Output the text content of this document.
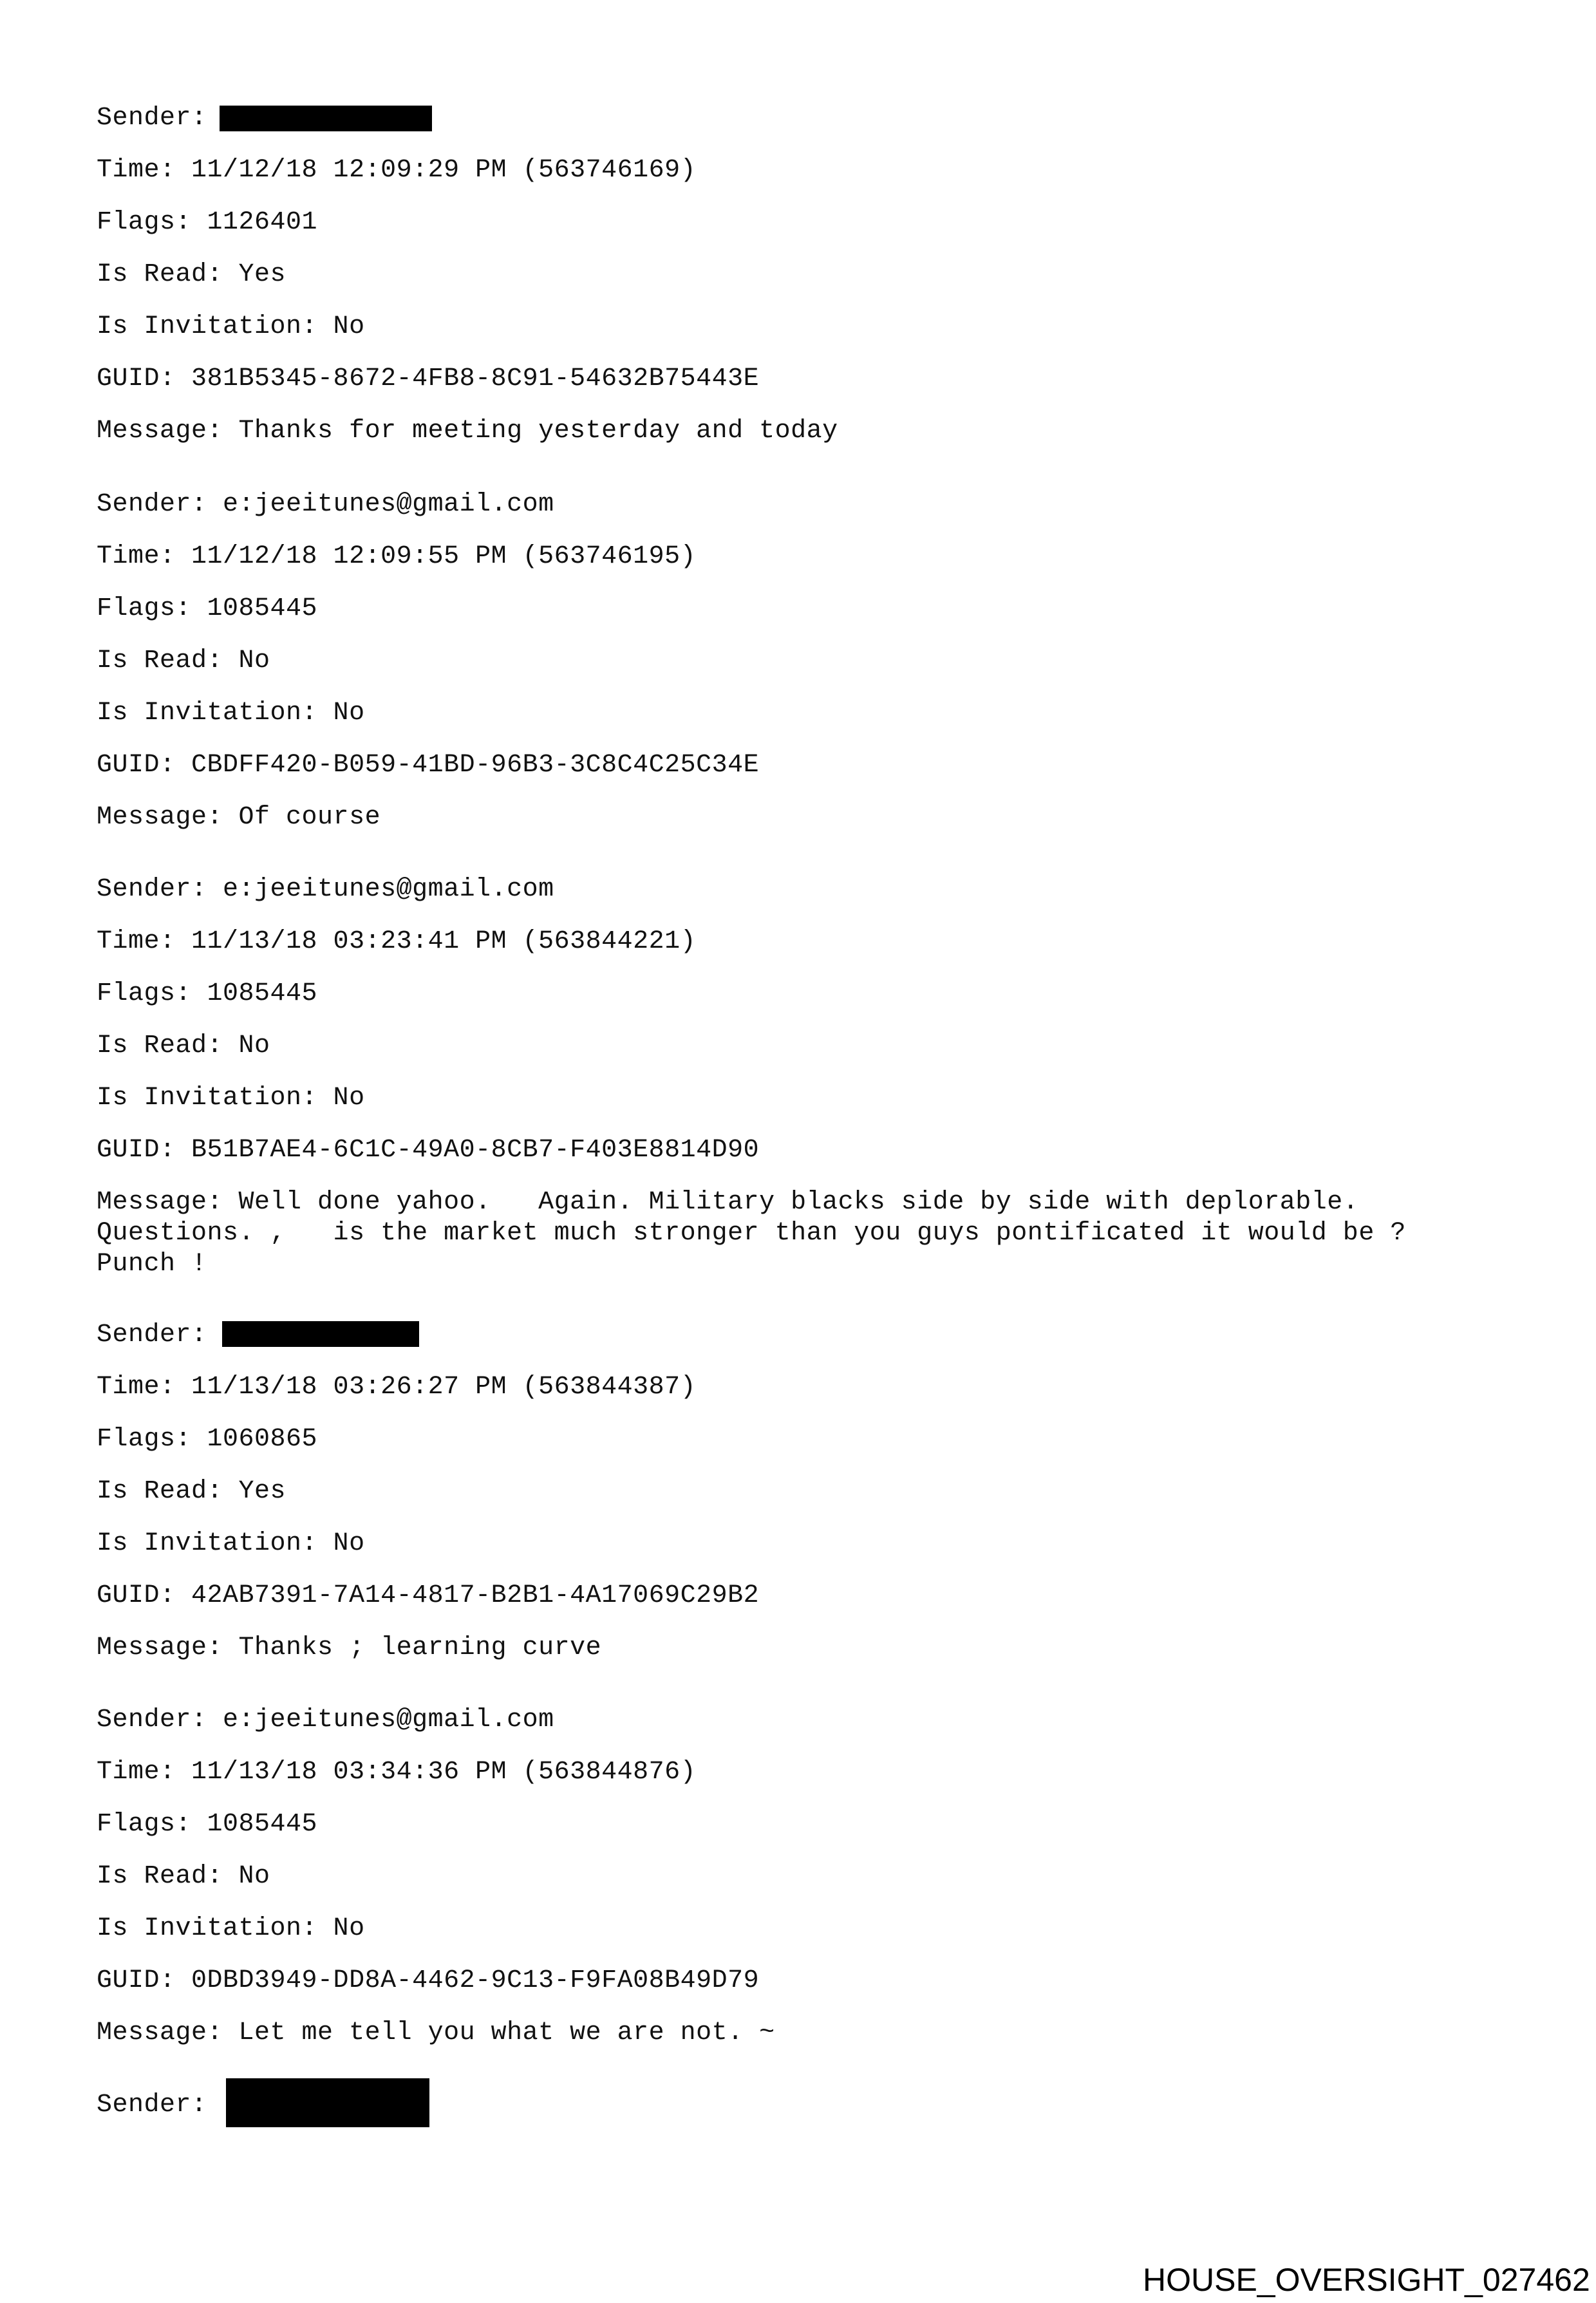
Sender:
Time: 11/12/18 12:09:29 PM (563746169)
Flags: 1126401
Is Read: Yes
Is Invitation: No
GUID: 381B5345-8672-4FB8-8C91-54632B75443E
Message: Thanks for meeting yesterday and today
Sender: e:jeeitunes@gmail.com
Time: 11/12/18 12:09:55 PM (563746195)
Flags: 1085445
Is Read: No
Is Invitation: No
GUID: CBDFF420-B059-41BD-96B3-3C8C4C25C34E
Message: Of course
Sender: e:jeeitunes@gmail.com
Time: 11/13/18 03:23:41 PM (563844221)
Flags: 1085445
Is Read: No
Is Invitation: No
GUID: B51B7AE4-6C1C-49A0-8CB7-F403E8814D90
Message: Well done yahoo.   Again. Military blacks side by side with deplorable.
Questions. ,   is the market much stronger than you guys pontificated it would be ?
Punch !
Sender:
Time: 11/13/18 03:26:27 PM (563844387)
Flags: 1060865
Is Read: Yes
Is Invitation: No
GUID: 42AB7391-7A14-4817-B2B1-4A17069C29B2
Message: Thanks ; learning curve
Sender: e:jeeitunes@gmail.com
Time: 11/13/18 03:34:36 PM (563844876)
Flags: 1085445
Is Read: No
Is Invitation: No
GUID: 0DBD3949-DD8A-4462-9C13-F9FA08B49D79
Message: Let me tell you what we are not. ~
Sender:
HOUSE_OVERSIGHT_027462
